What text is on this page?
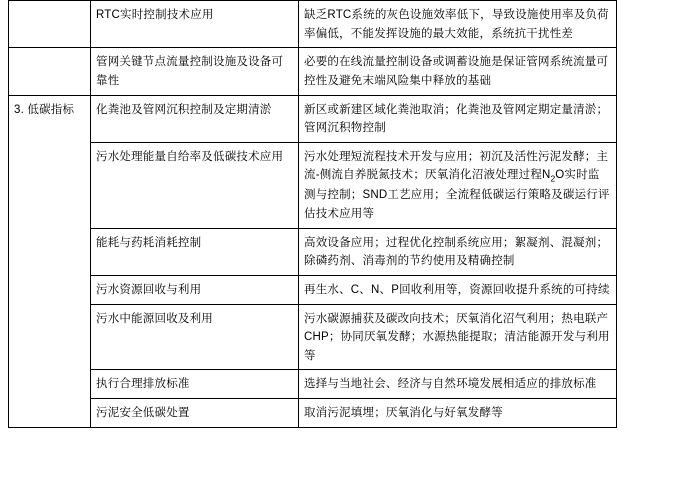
	RTC实时控制技术应用	缺乏RTC系统的灰色设施效率低下，导致设施使用率及负荷率偏低，不能发挥设施的最大效能，系统抗干扰性差
	管网关键节点流量控制设施及设备可靠性	必要的在线流量控制设备或调蓄设施是保证管网系统流量可控性及避免末端风险集中释放的基础
3. 低碳指标	化粪池及管网沉积控制及定期清淤	新区或新建区域化粪池取消；化粪池及管网定期定量清淤；管网沉积物控制
	污水处理能量自给率及低碳技术应用	污水处理短流程技术开发与应用；初沉及活性污泥发酵；主流-侧流自养脱氮技术；厌氧消化沼液处理过程$N_2O$实时监测与控制；SND工艺应用；全流程低碳运行策略及碳运行评估技术应用等
	能耗与药耗消耗控制	高效设备应用；过程优化控制系统应用；絮凝剂、混凝剂；除磷药剂、消毒剂的节约使用及精确控制
	污水资源回收与利用	再生水、C、N、P回收利用等，资源回收提升系统的可持续
	污水中能源回收及利用	污水碳源捕获及碳改向技术；厌氧消化沼气利用；热电联产CHP；协同厌氧发酵；水源热能提取；清洁能源开发与利用等
	执行合理排放标准	选择与当地社会、经济与自然环境发展相适应的排放标准
	污泥安全低碳处置	取消污泥填埋；厌氧消化与好氧发酵等
